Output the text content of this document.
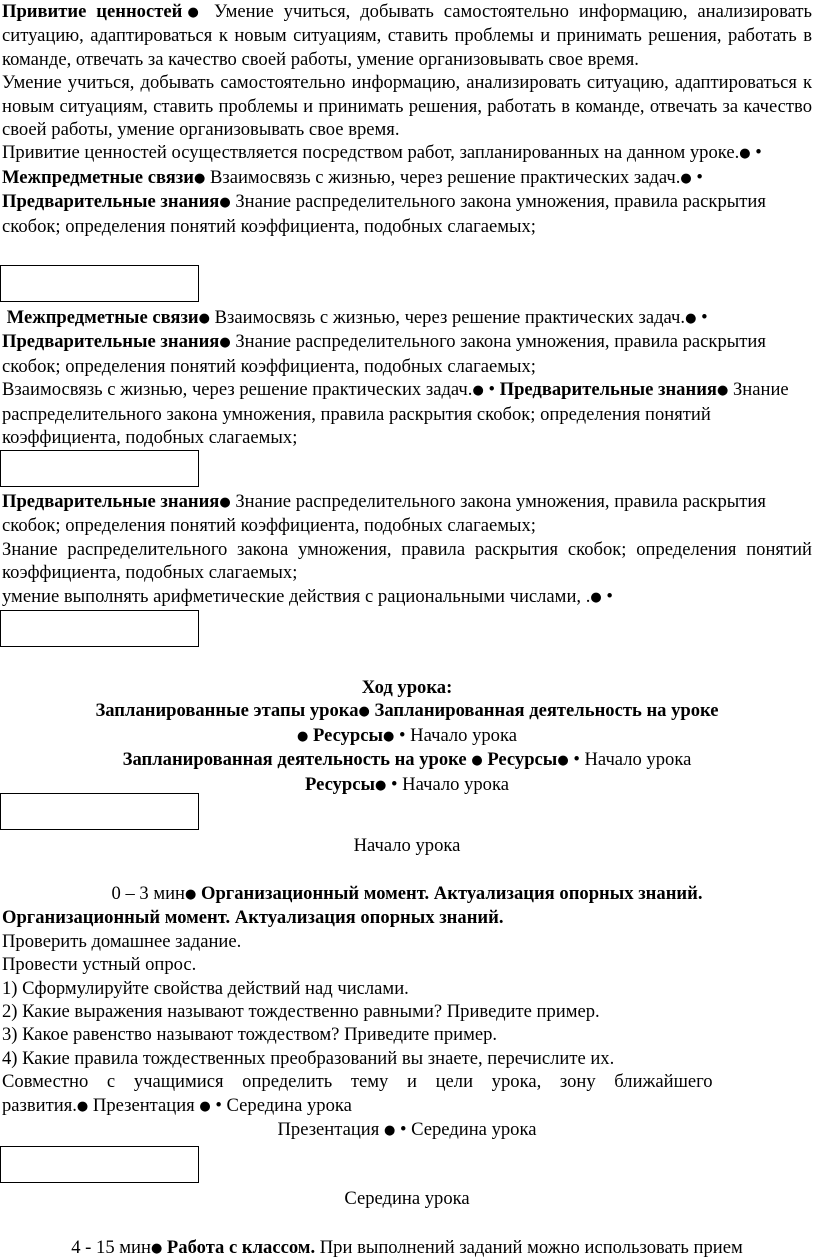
Привитие ценностей● Умение учиться, добывать самостоятельно информацию, анализировать ситуацию, адаптироваться к новым ситуациям, ставить проблемы и принимать решения, работать в команде, отвечать за качество своей работы, умение организовывать свое время.

Умение учиться, добывать самостоятельно информацию, анализировать ситуацию, адаптироваться к новым ситуациям, ставить проблемы и принимать решения, работать в команде, отвечать за качество своей работы, умение организовывать свое время.

Привитие ценностей осуществляется посредством работ, запланированных на данном уроке.● • Межпредметные связи● Взаимосвязь с жизнью, через решение практических задач.● • Предварительные знания● Знание распределительного закона умножения, правила раскрытия скобок; определения понятий коэффициента, подобных слагаемых;

Межпредметные связи● Взаимосвязь с жизнью, через решение практических задач.● • Предварительные знания● Знание распределительного закона умножения, правила раскрытия скобок; определения понятий коэффициента, подобных слагаемых;

Взаимосвязь с жизнью, через решение практических задач.● • Предварительные знания● Знание распределительного закона умножения, правила раскрытия скобок; определения понятий коэффициента, подобных слагаемых;

Предварительные знания● Знание распределительного закона умножения, правила раскрытия скобок; определения понятий коэффициента, подобных слагаемых;

Знание распределительного закона умножения, правила раскрытия скобок; определения понятий коэффициента, подобных слагаемых;

умение выполнять арифметические действия с рациональными числами, .● •

Ход урока:

Запланированные этапы урока● Запланированная деятельность на уроке

● Ресурсы● • Начало урока

Запланированная деятельность на уроке ● Ресурсы● • Начало урока

Ресурсы● • Начало урока

Начало урока

0 – 3 мин● Организационный момент. Актуализация опорных знаний.

Организационный момент. Актуализация опорных знаний.

Проверить домашнее задание.

Провести устный опрос.

1) Сформулируйте свойства действий над числами.

2) Какие выражения называют тождественно равными? Приведите пример.

3) Какое равенство называют тождеством? Приведите пример.

4) Какие правила тождественных преобразований вы знаете, перечислите их.

Совместно с учащимися определить тему и цели урока, зону ближайшего развития.● Презентация ● • Середина урока

Презентация ● • Середина урока

Середина урока

4 - 15 мин● Работа с классом. При выполнений заданий можно использовать прием
